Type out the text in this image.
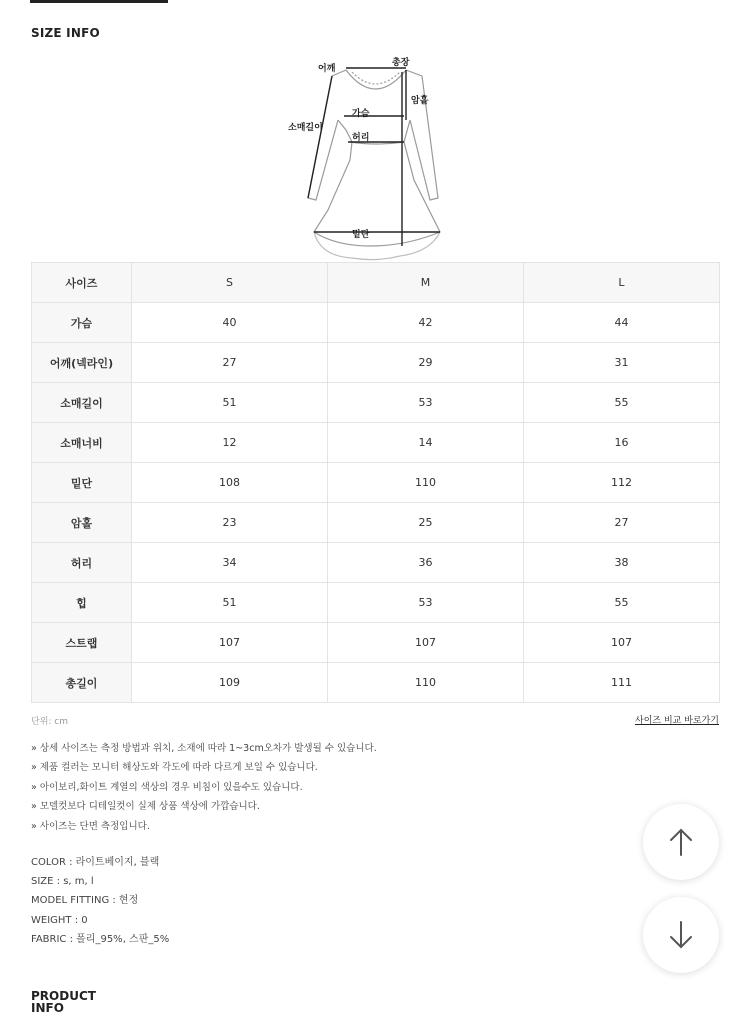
SIZE INFO
어깨
총장
암홀
소매길이
가슴
허리
밑단
사이즈	S	M	L
가슴	40	42	44
어깨(넥라인)	27	29	31
소매길이	51	53	55
소매너비	12	14	16
밑단	108	110	112
암홀	23	25	27
허리	34	36	38
힙	51	53	55
스트랩	107	107	107
총길이	109	110	111
단위: cm	사이즈 비교 바로가기
» 상세 사이즈는 측정 방법과 위치, 소재에 따라 1~3cm오차가 발생될 수 있습니다.
» 제품 컬러는 모니터 해상도와 각도에 따라 다르게 보일 수 있습니다.
» 아이보리,화이트 계열의 색상의 경우 비침이 있을수도 있습니다.
» 모델컷보다 디테일컷이 실제 상품 색상에 가깝습니다.
» 사이즈는 단면 측정입니다.
COLOR : 라이트베이지, 블랙
SIZE : s, m, l
MODEL FITTING : 현정
WEIGHT : 0
FABRIC : 폴리_95%, 스판_5%
PRODUCT INFO
